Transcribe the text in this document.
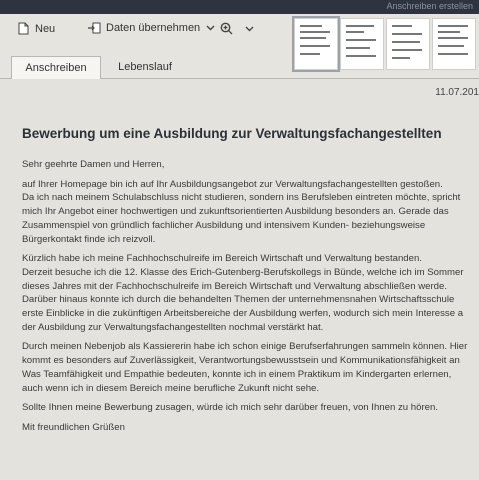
Anschreiben erstellen
Neu	Daten übernehmen
Anschreiben	Lebenslauf
11.07.201
Bewerbung um eine Ausbildung zur Verwaltungsfachangestellten

Sehr geehrte Damen und Herren,

auf Ihrer Homepage bin ich auf Ihr Ausbildungsangebot zur Verwaltungsfachangestellten gestoßen.
Da ich nach meinem Schulabschluss nicht studieren, sondern ins Berufsleben eintreten möchte, spricht
mich Ihr Angebot einer hochwertigen und zukunftsorientierten Ausbildung besonders an. Gerade das
Zusammenspiel von gründlich fachlicher Ausbildung und intensivem Kunden- beziehungsweise
Bürgerkontakt finde ich reizvoll.

Kürzlich habe ich meine Fachhochschulreife im Bereich Wirtschaft und Verwaltung bestanden.
Derzeit besuche ich die 12. Klasse des Erich-Gutenberg-Berufskollegs in Bünde, welche ich im Sommer
dieses Jahres mit der Fachhochschulreife im Bereich Wirtschaft und Verwaltung abschließen werde.
Darüber hinaus konnte ich durch die behandelten Themen der unternehmensnahen Wirtschaftsschule
erste Einblicke in die zukünftigen Arbeitsbereiche der Ausbildung werfen, wodurch sich mein Interesse a
der Ausbildung zur Verwaltungsfachangestellten nochmal verstärkt hat.

Durch meinen Nebenjob als Kassiererin habe ich schon einige Berufserfahrungen sammeln können. Hier
kommt es besonders auf Zuverlässigkeit, Verantwortungsbewusstsein und Kommunikationsfähigkeit an
Was Teamfähigkeit und Empathie bedeuten, konnte ich in einem Praktikum im Kindergarten erlernen,
auch wenn ich in diesem Bereich meine berufliche Zukunft nicht sehe.

Sollte Ihnen meine Bewerbung zusagen, würde ich mich sehr darüber freuen, von Ihnen zu hören.

Mit freundlichen Grüßen
